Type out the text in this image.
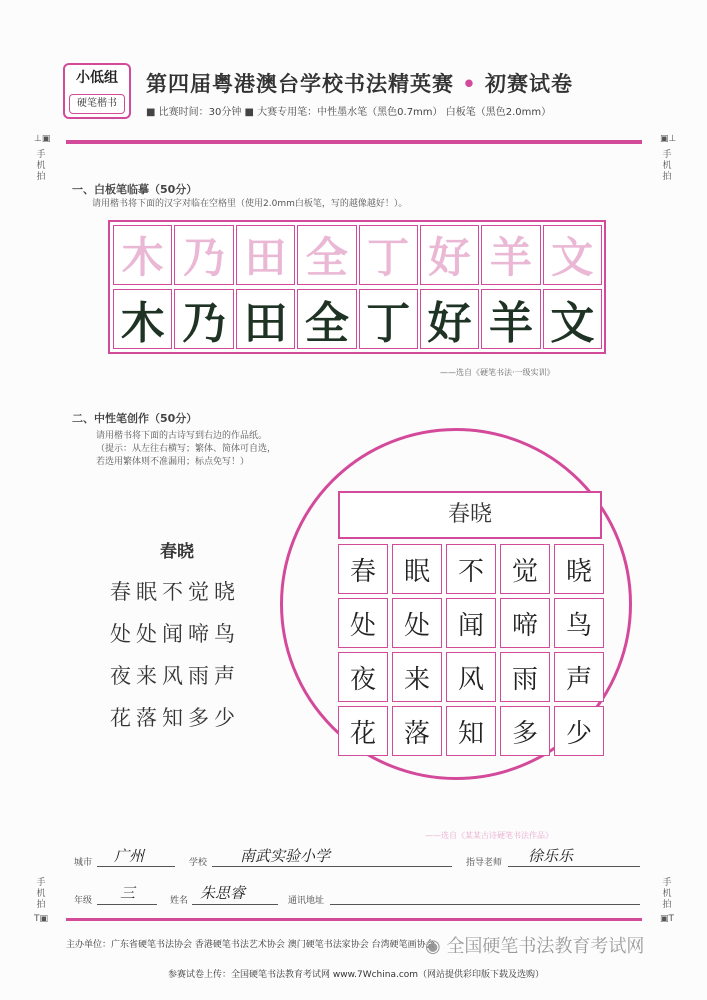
小低组
硬笔楷书
第四届粤港澳台学校书法精英赛 • 初赛试卷
■ 比赛时间：30分钟 ■ 大赛专用笔：中性墨水笔（黑色0.7mm） 白板笔（黑色2.0mm）
⊥▣
手机拍
▣⊥
手机拍
手机拍
T▣
手机拍
▣T
一、白板笔临摹（50分）
请用楷书将下面的汉字对临在空格里（使用2.0mm白板笔，写的越像越好！）。
木 乃 田 全 丁 好 羊 文
木 乃 田 全 丁 好 羊 文
——选自《硬笔书法·一级实训》
二、中性笔创作（50分）
请用楷书将下面的古诗写到右边的作品纸。
（提示：从左往右横写；繁体、简体可自选，
若选用繁体则不准漏用；标点免写！）
春晓
春眠不觉晓
处处闻啼鸟
夜来风雨声
花落知多少
春晓
春	眠	不	觉	晓
处	处	闻	啼	鸟
夜	来	风	雨	声
花	落	知	多	少
——选自《某某古诗硬笔书法作品》
城市 广州	学校 南武实验小学	指导老师 徐乐乐
年级 三	姓名 朱思睿	通讯地址
主办单位：广东省硬笔书法协会 香港硬笔书法艺术协会 澳门硬笔书法家协会 台湾硬笔画协会
◉ 全国硬笔书法教育考试网
参赛试卷上传：全国硬笔书法教育考试网 www.7Wchina.com（网站提供彩印版下载及选购）
